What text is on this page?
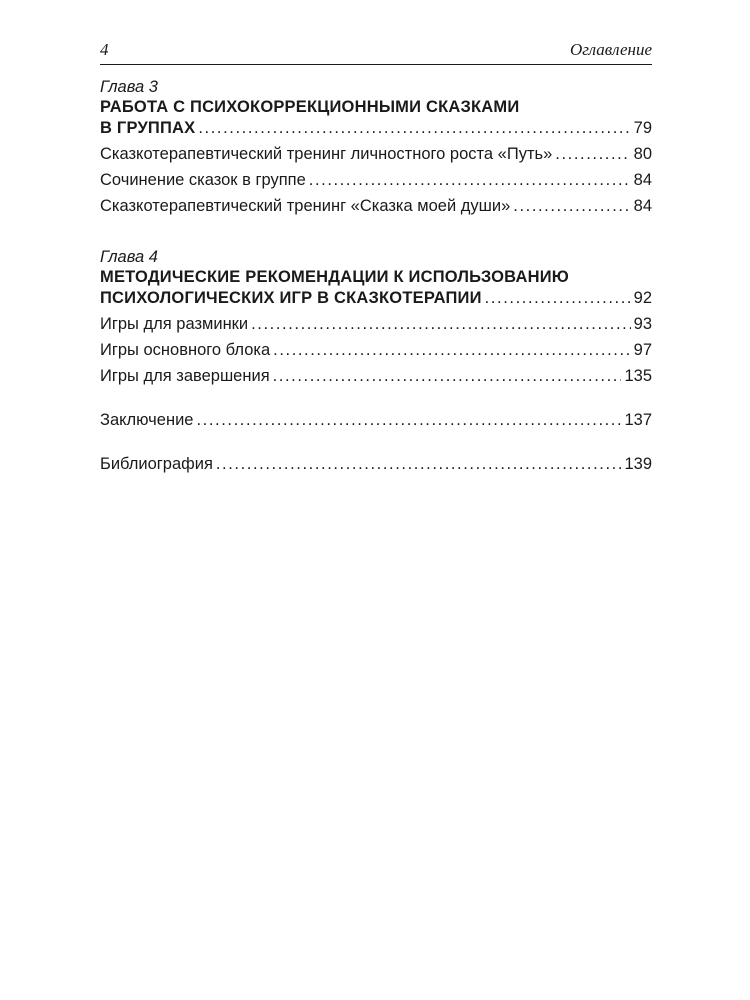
4	Оглавление
Глава 3
РАБОТА С ПСИХОКОРРЕКЦИОННЫМИ СКАЗКАМИ
В ГРУППАХ .....	79
Сказкотерапевтический тренинг личностного роста «Путь» .....	80
Сочинение сказок в группе .....	84
Сказкотерапевтический тренинг «Сказка моей души» .....	84
Глава 4
МЕТОДИЧЕСКИЕ РЕКОМЕНДАЦИИ К ИСПОЛЬЗОВАНИЮ
ПСИХОЛОГИЧЕСКИХ ИГР В СКАЗКОТЕРАПИИ .....	92
Игры для разминки .....	93
Игры основного блока .....	97
Игры для завершения .....	135
Заключение .....	137
Библиография .....	139
